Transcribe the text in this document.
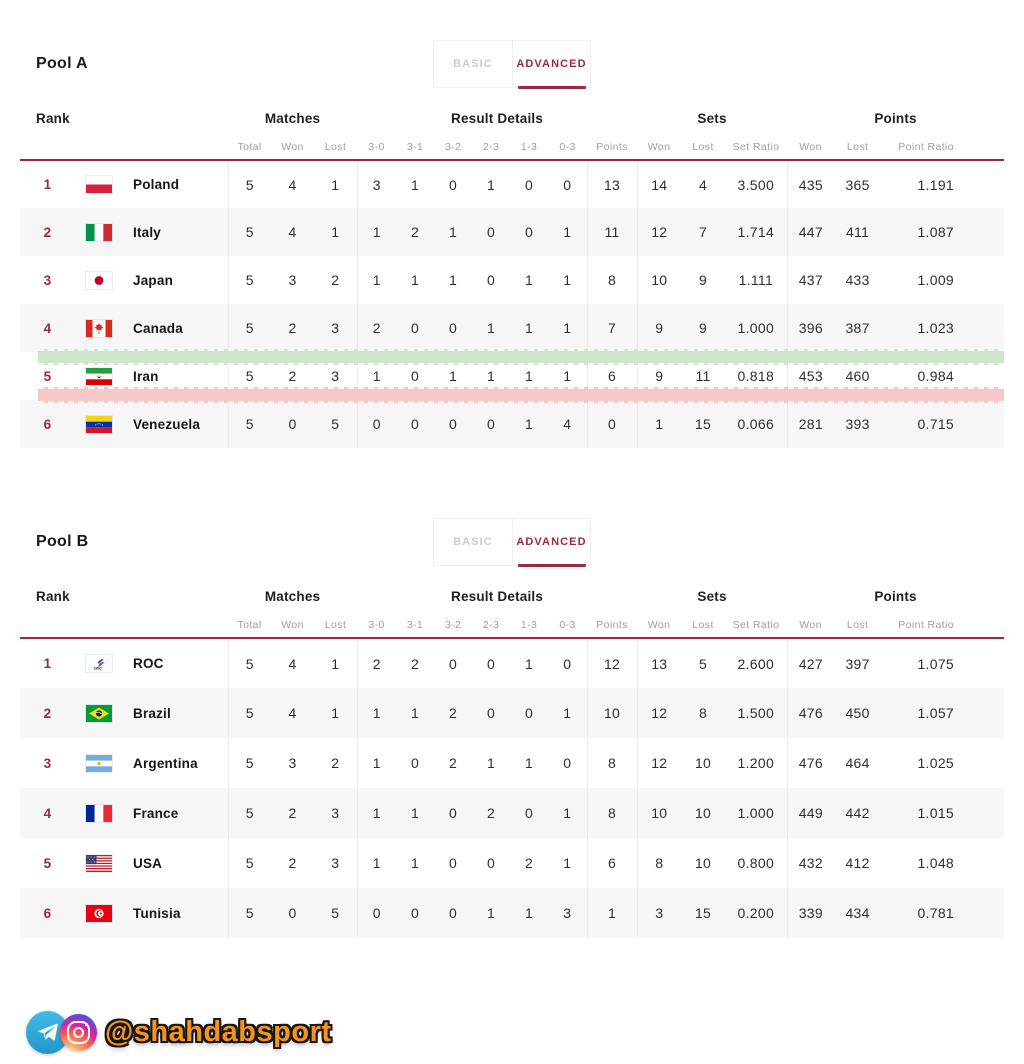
Pool A	BASIC ADVANCED
Rank			Matches			Result Details							Sets			Points		
			Total	Won	Lost	3-0	3-1	3-2	2-3	1-3	0-3	Points	Won	Lost	Set Ratio	Won	Lost	Point Ratio
1		Poland	5	4	1	3	1	0	1	0	0	13	14	4	3.500	435	365	1.191
2		Italy	5	4	1	1	2	1	0	0	1	11	12	7	1.714	447	411	1.087
3		Japan	5	3	2	1	1	1	0	1	1	8	10	9	1.111	437	433	1.009
4		Canada	5	2	3	2	0	0	1	1	1	7	9	9	1.000	396	387	1.023
5		Iran	5	2	3	1	0	1	1	1	1	6	9	11	0.818	453	460	0.984
6		Venezuela	5	0	5	0	0	0	0	1	4	0	1	15	0.066	281	393	0.715
Pool B	BASIC ADVANCED
Rank			Matches			Result Details							Sets			Points		
			Total	Won	Lost	3-0	3-1	3-2	2-3	1-3	0-3	Points	Won	Lost	Set Ratio	Won	Lost	Point Ratio
1		ROC	5	4	1	2	2	0	0	1	0	12	13	5	2.600	427	397	1.075
2		Brazil	5	4	1	1	1	2	0	0	1	10	12	8	1.500	476	450	1.057
3		Argentina	5	3	2	1	0	2	1	1	0	8	12	10	1.200	476	464	1.025
4		France	5	2	3	1	1	0	2	0	1	8	10	10	1.000	449	442	1.015
5		USA	5	2	3	1	1	0	0	2	1	6	8	10	0.800	432	412	1.048
6		Tunisia	5	0	5	0	0	0	1	1	3	1	3	15	0.200	339	434	0.781
@shahdabsport
